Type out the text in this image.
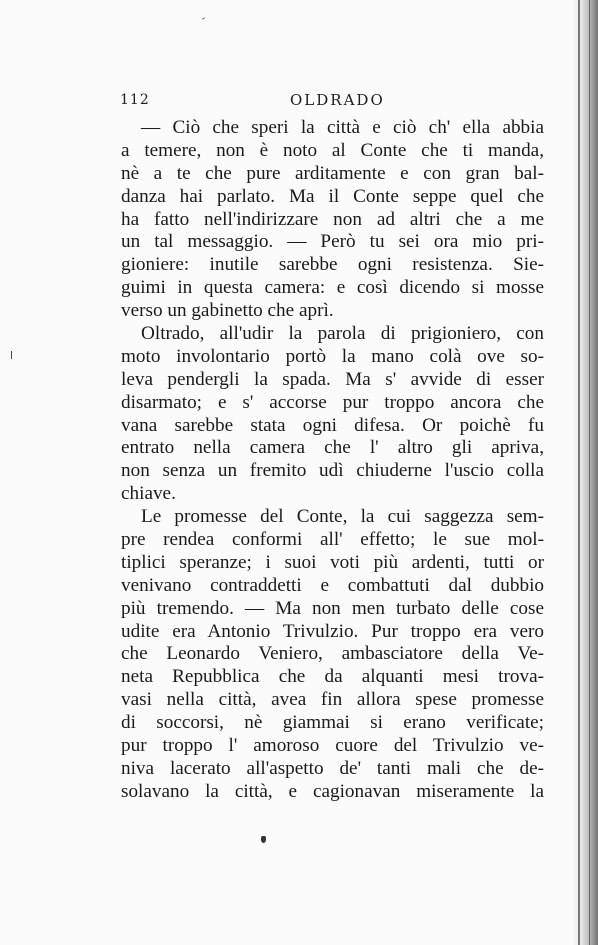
112	OLDRADO
— Ciò che speri la città e ciò ch' ella abbia
a temere, non è noto al Conte che ti manda,
nè a te che pure arditamente e con gran bal-
danza hai parlato. Ma il Conte seppe quel che
ha fatto nell'indirizzare non ad altri che a me
un tal messaggio. — Però tu sei ora mio pri-
gioniere: inutile sarebbe ogni resistenza. Sie-
guimi in questa camera: e così dicendo si mosse
verso un gabinetto che aprì.
Oltrado, all'udir la parola di prigioniero, con
moto involontario portò la mano colà ove so-
leva pendergli la spada. Ma s' avvide di esser
disarmato; e s' accorse pur troppo ancora che
vana sarebbe stata ogni difesa. Or poichè fu
entrato nella camera che l' altro gli apriva,
non senza un fremito udì chiuderne l'uscio colla
chiave.
Le promesse del Conte, la cui saggezza sem-
pre rendea conformi all' effetto; le sue mol-
tiplici speranze; i suoi voti più ardenti, tutti or
venivano contraddetti e combattuti dal dubbio
più tremendo. — Ma non men turbato delle cose
udite era Antonio Trivulzio. Pur troppo era vero
che Leonardo Veniero, ambasciatore della Ve-
neta Repubblica che da alquanti mesi trova-
vasi nella città, avea fin allora spese promesse
di soccorsi, nè giammai si erano verificate;
pur troppo l' amoroso cuore del Trivulzio ve-
niva lacerato all'aspetto de' tanti mali che de-
solavano la città, e cagionavan miseramente la
